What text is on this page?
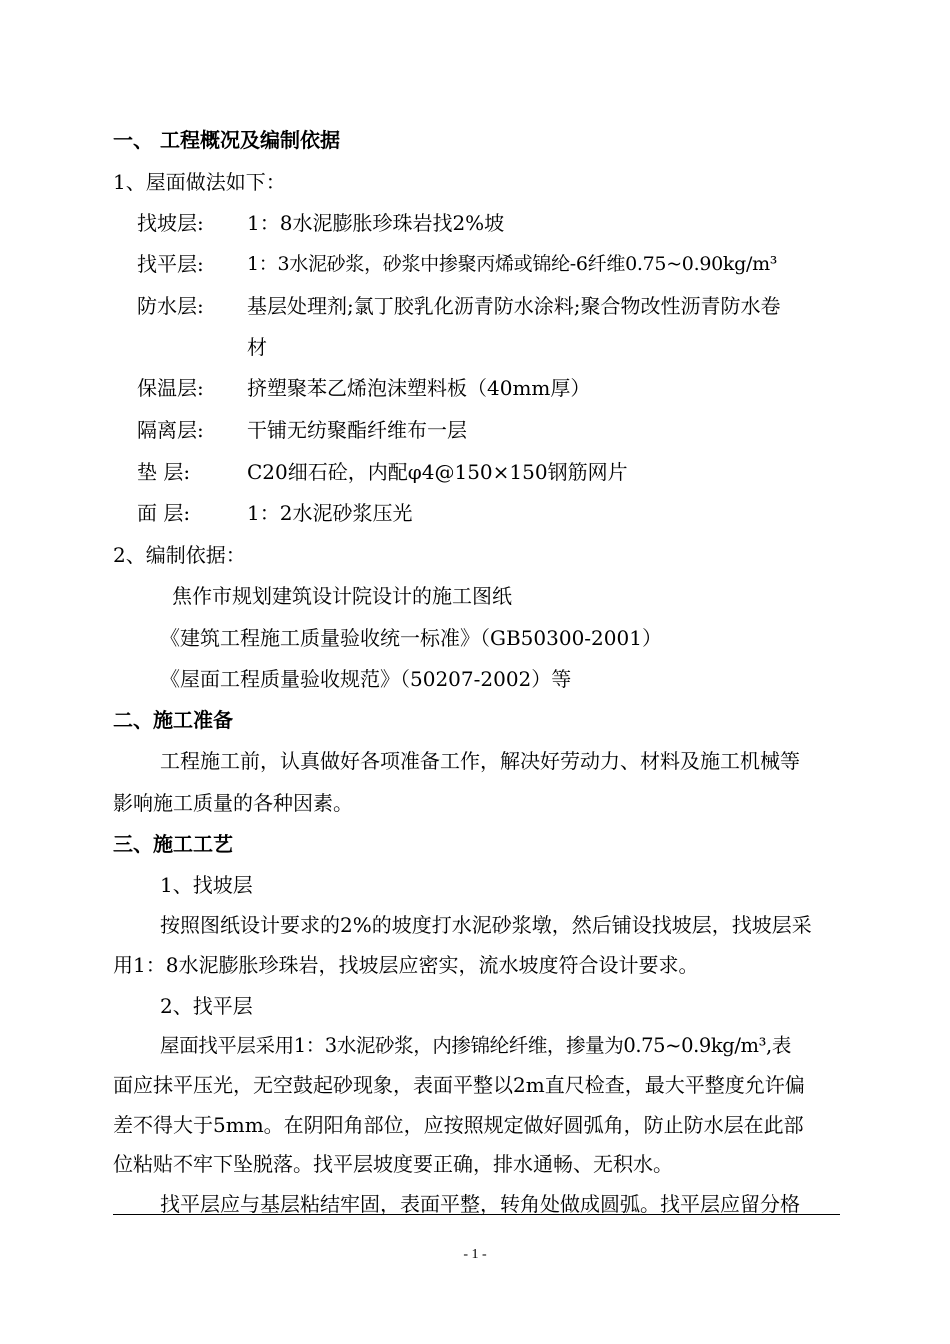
一、 工程概况及编制依据
1、屋面做法如下：
找坡层: 1：8水泥膨胀珍珠岩找2%坡
找平层: 1：3水泥砂浆，砂浆中掺聚丙烯或锦纶-6纤维0.75~0.90kg/m³
防水层: 基层处理剂;氯丁胶乳化沥青防水涂料;聚合物改性沥青防水卷
材
保温层: 挤塑聚苯乙烯泡沫塑料板（40mm厚）
隔离层: 干铺无纺聚酯纤维布一层
垫 层:	C20细石砼，内配φ4@150×150钢筋网片
面 层:	1：2水泥砂浆压光
2、编制依据：
焦作市规划建筑设计院设计的施工图纸
《建筑工程施工质量验收统一标准》（GB50300-2001）
《屋面工程质量验收规范》（50207-2002）等
二、施工准备
工程施工前，认真做好各项准备工作，解决好劳动力、材料及施工机械等
影响施工质量的各种因素。
三、施工工艺
1、找坡层
按照图纸设计要求的2%的坡度打水泥砂浆墩，然后铺设找坡层，找坡层采
用1：8水泥膨胀珍珠岩，找坡层应密实，流水坡度符合设计要求。
2、找平层
屋面找平层采用1：3水泥砂浆，内掺锦纶纤维，掺量为0.75~0.9kg/m³,表
面应抹平压光，无空鼓起砂现象，表面平整以2m直尺检查，最大平整度允许偏
差不得大于5mm。在阴阳角部位，应按照规定做好圆弧角，防止防水层在此部
位粘贴不牢下坠脱落。找平层坡度要正确，排水通畅、无积水。
找平层应与基层粘结牢固，表面平整，转角处做成圆弧。找平层应留分格
- 1 -
